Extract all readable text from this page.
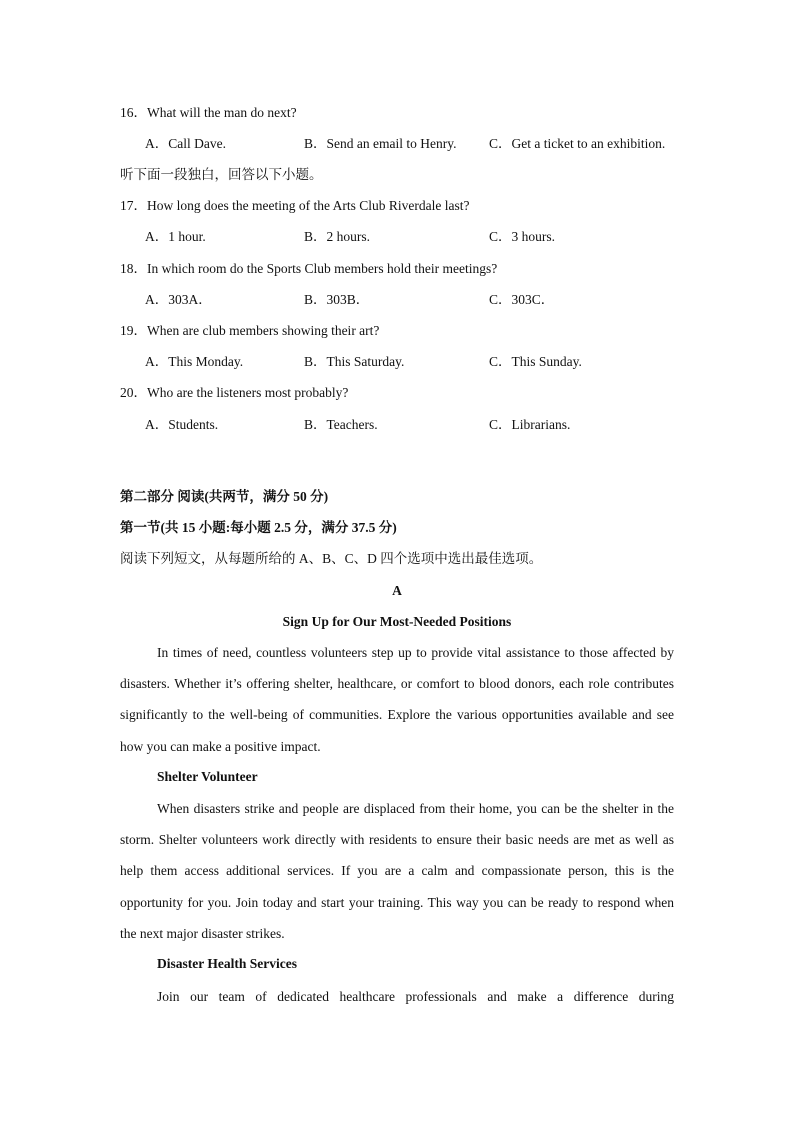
16．What will the man do next?
A．Call Dave.	B．Send an email to Henry. C．Get a ticket to an exhibition.
听下面一段独白，回答以下小题。
17．How long does the meeting of the Arts Club Riverdale last?
A．1 hour.	B．2 hours.	C．3 hours.
18．In which room do the Sports Club members hold their meetings?
A．303A．	B．303B．	C．303C．
19．When are club members showing their art?
A．This Monday.	B．This Saturday.	C．This Sunday.
20．Who are the listeners most probably?
A．Students.	B．Teachers.	C．Librarians.
第二部分 阅读(共两节，满分 50 分)
第一节(共 15 小题:每小题 2.5 分，满分 37.5 分)
阅读下列短文，从每题所给的 A、B、C、D 四个选项中选出最佳选项。
A
Sign Up for Our Most-Needed Positions
In times of need, countless volunteers step up to provide vital assistance to those affected by disasters. Whether it’s offering shelter, healthcare, or comfort to blood donors, each role contributes significantly to the well-being of communities. Explore the various opportunities available and see how you can make a positive impact.
Shelter Volunteer
When disasters strike and people are displaced from their home, you can be the shelter in the storm. Shelter volunteers work directly with residents to ensure their basic needs are met as well as help them access additional services. If you are a calm and compassionate person, this is the opportunity for you. Join today and start your training. This way you can be ready to respond when the next major disaster strikes.
Disaster Health Services
Join our team of dedicated healthcare professionals and make a difference during
